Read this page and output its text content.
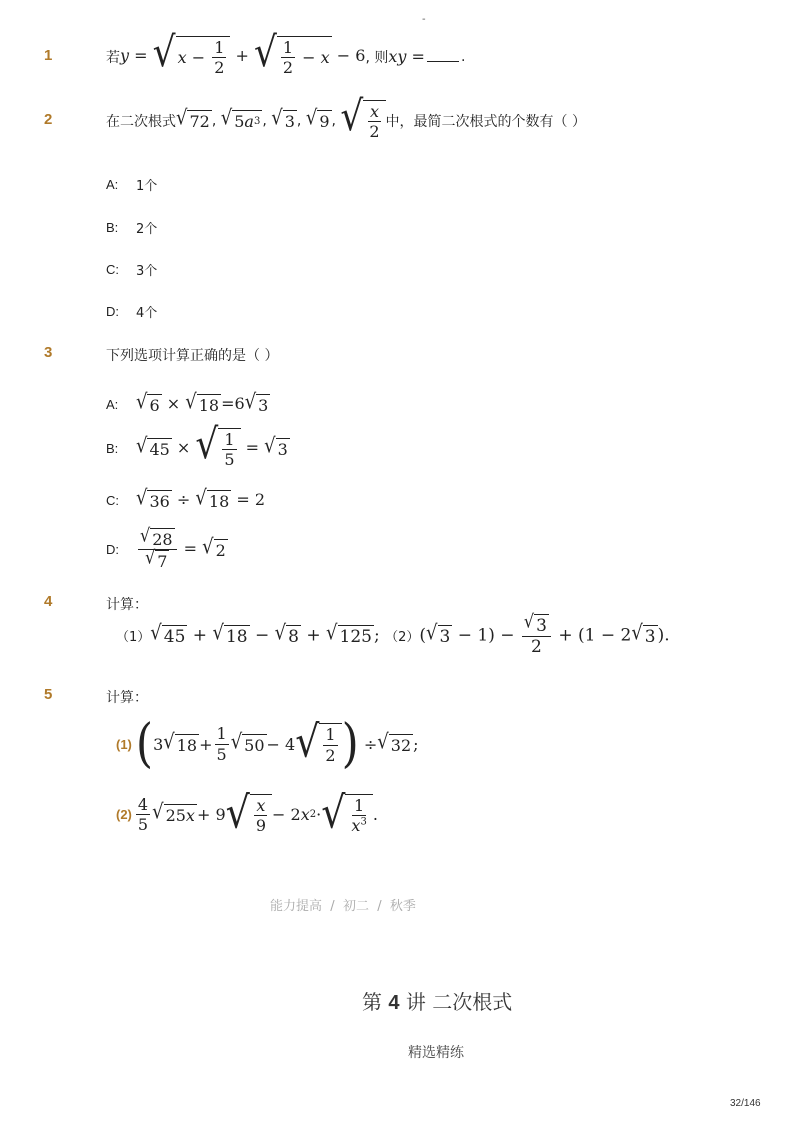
-
1	若 y = √ $x - \frac{1}{2}$ + √ $\frac{1}{2} - x - 6$ , 则 xy =	.
2	在二次根式 √ 72 ,
√ 5 a 3 ,
√ 3 ,
√ 9 ,
√ $\frac{x}{2}$ 中，最简二次根式的个数有（ ）
A:	1个
B:	2个
C:	3个
D:	4个
3	下列选项计算正确的是（ ）
A: √ 6 × √ 18 =6 √ 3
B: √ 45 × √ $\frac{1}{5}$ = √ 3
C: √ 36 ÷ √ 18 = 2
D:	$\frac{√ 28}{√ 7}$ = √ 2
4	计算：
（1） √ 45 + √ 18 − √ 8 + √ 125 ; （2） ( √ $3 - 1) - \frac{√ 3}{2} + (1 - 2$ √ 3 ).
5	计算：
(1) ( 3 √ $18 + \frac{1}{5}$ √ 50 − 4 √ $\frac{1}{2}$ ) ÷ √ 32 ;
$(2) \frac{4}{5}$ √ 25 x + 9 √ $\frac{x}{9} - 2$ x 2 · √ $\frac{1}{x^3}$ .
能力提高 / 初二 / 秋季
第 4 讲 二次根式
精选精练
32/146
